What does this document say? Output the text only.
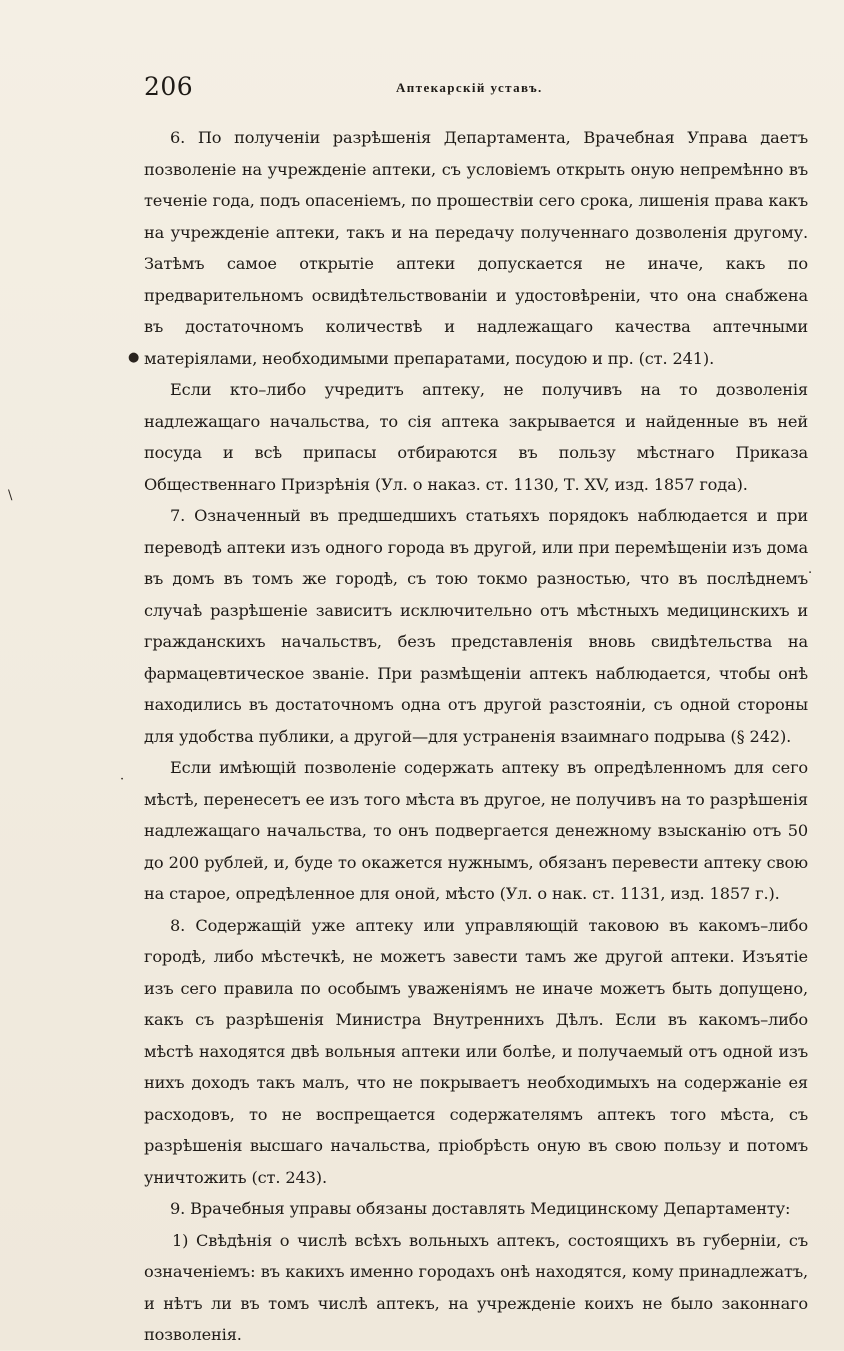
206	Аптекарскій уставъ.

6. По полученіи разрѣшенія Департамента, Врачебная Управа даетъ позволеніе на учрежденіе аптеки, съ условіемъ открыть оную непремѣнно въ теченіе года, подъ опасеніемъ, по прошествіи сего срока, лишенія права какъ на учрежденіе аптеки, такъ и на передачу полученнаго дозволенія другому. Затѣмъ самое открытіе аптеки допускается не иначе, какъ по предварительномъ освидѣтельствованіи и удостовѣреніи, что она снабжена въ достаточномъ количествѣ и надлежащаго качества аптечными матеріялами, необходимыми препаратами, посудою и пр. (ст. 241).

Если кто–либо учредитъ аптеку, не получивъ на то дозволенія надлежащаго начальства, то сія аптека закрывается и найденные въ ней посуда и всѣ припасы отбираются въ пользу мѣстнаго Приказа Общественнаго Призрѣнія (Ул. о наказ. ст. 1130, Т. XV, изд. 1857 года).

7. Означенный въ предшедшихъ статьяхъ порядокъ наблюдается и при переводѣ аптеки изъ одного города въ другой, или при перемѣщеніи изъ дома въ домъ въ томъ же городѣ, съ тою токмо разностью, что въ послѣднемъ случаѣ разрѣшеніе зависитъ исключительно отъ мѣстныхъ медицинскихъ и гражданскихъ начальствъ, безъ представленія вновь свидѣтельства на фармацевтическое званіе. При размѣщеніи аптекъ наблюдается, чтобы онѣ находились въ достаточномъ одна отъ другой разстояніи, съ одной стороны для удобства публики, а другой—для устраненія взаимнаго подрыва (§ 242).

Если имѣющій позволеніе содержать аптеку въ опредѣленномъ для сего мѣстѣ, перенесетъ ее изъ того мѣста въ другое, не получивъ на то разрѣшенія надлежащаго начальства, то онъ подвергается денежному взысканію отъ 50 до 200 рублей, и, буде то окажется нужнымъ, обязанъ перевести аптеку свою на старое, опредѣленное для оной, мѣсто (Ул. о нак. ст. 1131, изд. 1857 г.).

8. Содержащій уже аптеку или управляющій таковою въ какомъ–либо городѣ, либо мѣстечкѣ, не можетъ завести тамъ же другой аптеки. Изъятіе изъ сего правила по особымъ уваженіямъ не иначе можетъ быть допущено, какъ съ разрѣшенія Министра Внутреннихъ Дѣлъ. Если въ какомъ–либо мѣстѣ находятся двѣ вольныя аптеки или болѣе, и получаемый отъ одной изъ нихъ доходъ такъ малъ, что не покрываетъ необходимыхъ на содержаніе ея расходовъ, то не воспрещается содержателямъ аптекъ того мѣста, съ разрѣшенія высшаго начальства, пріобрѣсть оную въ свою пользу и потомъ уничтожить (ст. 243).

9. Врачебныя управы обязаны доставлять Медицинскому Департаменту:

1) Свѣдѣнія о числѣ всѣхъ вольныхъ аптекъ, состоящихъ въ губерніи, съ означеніемъ: въ какихъ именно городахъ онѣ находятся, кому принадлежатъ, и нѣтъ ли въ томъ числѣ аптекъ, на учрежденіе коихъ не было законнаго позволенія.

●
\
.
·
